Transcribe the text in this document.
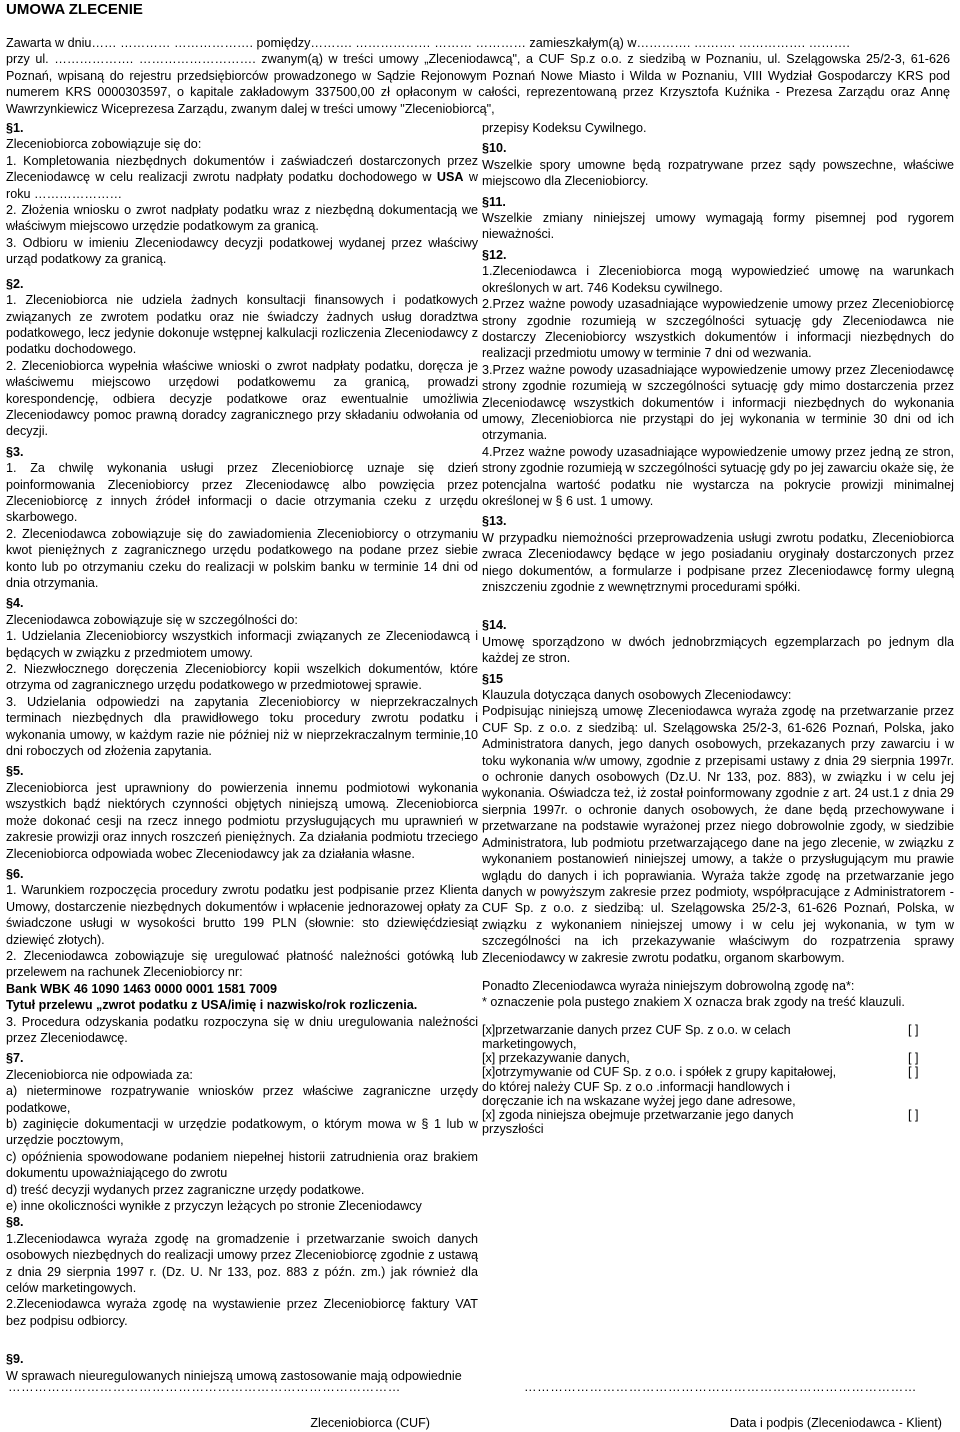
UMOWA ZLECENIE

Zawarta w dniu…… ………… ………………. pomiędzy………. ……………… ……… ………… zamieszkałym(ą) w…………. ………. ……………. ……….

przy ul. ………………. ………………………. zwanym(ą) w treści umowy „Zleceniodawcą", a CUF Sp.z o.o. z siedzibą w Poznaniu, ul. Szelągowska 25/2-3, 61-626 Poznań, wpisaną do rejestru przedsiębiorców prowadzonego w Sądzie Rejonowym Poznań Nowe Miasto i Wilda w Poznaniu, VIII Wydział Gospodarczy KRS pod numerem KRS 0000303597, o kapitale zakładowym 337500,00 zł opłaconym w całości, reprezentowaną przez Krzysztofa Kuźnika - Prezesa Zarządu oraz Annę Wawrzynkiewicz Wiceprezesa Zarządu, zwanym dalej w treści umowy "Zleceniobiorcą",

§1.

Zleceniobiorca zobowiązuje się do:

1. Kompletowania niezbędnych dokumentów i zaświadczeń dostarczonych przez Zleceniodawcę w celu realizacji zwrotu nadpłaty podatku dochodowego w USA w roku …………………

2. Złożenia wniosku o zwrot nadpłaty podatku wraz z niezbędną dokumentacją we właściwym miejscowo urzędzie podatkowym za granicą.

3. Odbioru w imieniu Zleceniodawcy decyzji podatkowej wydanej przez właściwy urząd podatkowy za granicą.

§2.

1. Zleceniobiorca nie udziela żadnych konsultacji finansowych i podatkowych związanych ze zwrotem podatku oraz nie świadczy żadnych usług doradztwa podatkowego, lecz jedynie dokonuje wstępnej kalkulacji rozliczenia Zleceniodawcy z podatku dochodowego.

2. Zleceniobiorca wypełnia właściwe wnioski o zwrot nadpłaty podatku, doręcza je właściwemu miejscowo urzędowi podatkowemu za granicą, prowadzi korespondencję, odbiera decyzje podatkowe oraz ewentualnie umożliwia Zleceniodawcy pomoc prawną doradcy zagranicznego przy składaniu odwołania od decyzji.

§3.

1. Za chwilę wykonania usługi przez Zleceniobiorcę uznaje się dzień poinformowania Zleceniobiorcy przez Zleceniodawcę albo powzięcia przez Zleceniobiorcę z innych źródeł informacji o dacie otrzymania czeku z urzędu skarbowego.

2. Zleceniodawca zobowiązuje się do zawiadomienia Zleceniobiorcy o otrzymaniu kwot pieniężnych z zagranicznego urzędu podatkowego na podane przez siebie konto lub po otrzymaniu czeku do realizacji w polskim banku w terminie 14 dni od dnia otrzymania.

§4.

Zleceniodawca zobowiązuje się w szczególności do:

1. Udzielania Zleceniobiorcy wszystkich informacji związanych ze Zleceniodawcą i będących w związku z przedmiotem umowy.

2. Niezwłocznego doręczenia Zleceniobiorcy kopii wszelkich dokumentów, które otrzyma od zagranicznego urzędu podatkowego w przedmiotowej sprawie.

3. Udzielania odpowiedzi na zapytania Zleceniobiorcy w nieprzekraczalnych terminach niezbędnych dla prawidłowego toku procedury zwrotu podatku i wykonania umowy, w każdym razie nie później niż w nieprzekraczalnym terminie,10 dni roboczych od złożenia zapytania.

§5.

Zleceniobiorca jest uprawniony do powierzenia innemu podmiotowi wykonania wszystkich bądź niektórych czynności objętych niniejszą umową. Zleceniobiorca może dokonać cesji na rzecz innego podmiotu przysługujących mu uprawnień w zakresie prowizji oraz innych roszczeń pieniężnych. Za działania podmiotu trzeciego Zleceniobiorca odpowiada wobec Zleceniodawcy jak za działania własne.

§6.

1. Warunkiem rozpoczęcia procedury zwrotu podatku jest podpisanie przez Klienta Umowy, dostarczenie niezbędnych dokumentów i wpłacenie jednorazowej opłaty za świadczone usługi w wysokości brutto 199 PLN (słownie: sto dziewięćdziesiąt dziewięć złotych).

2. Zleceniodawca zobowiązuje się uregulować płatność należności gotówką lub przelewem na rachunek Zleceniobiorcy nr:

Bank WBK 46 1090 1463 0000 0001 1581 7009

Tytuł przelewu „zwrot podatku z USA/imię i nazwisko/rok rozliczenia.

3. Procedura odzyskania podatku rozpoczyna się w dniu uregulowania należności przez Zleceniodawcę.

§7.

Zleceniobiorca nie odpowiada za:

a) nieterminowe rozpatrywanie wniosków przez właściwe zagraniczne urzędy podatkowe,

b) zaginięcie dokumentacji w urzędzie podatkowym, o którym mowa w § 1 lub w urzędzie pocztowym,

c) opóźnienia spowodowane podaniem niepełnej historii zatrudnienia oraz brakiem dokumentu upoważniającego do zwrotu

d) treść decyzji wydanych przez zagraniczne urzędy podatkowe.

e) inne okoliczności wynikłe z przyczyn leżących po stronie Zleceniodawcy

§8.

1.Zleceniodawca wyraża zgodę na gromadzenie i przetwarzanie swoich danych osobowych niezbędnych do realizacji umowy przez Zleceniobiorcę zgodnie z ustawą z dnia 29 sierpnia 1997 r. (Dz. U. Nr 133, poz. 883 z późn. zm.) jak również dla celów marketingowych.

2.Zleceniodawca wyraża zgodę na wystawienie przez Zleceniobiorcę faktury VAT bez podpisu odbiorcy.

§9.

W sprawach nieuregulowanych niniejszą umową zastosowanie mają odpowiednie

przepisy Kodeksu Cywilnego.

§10.

Wszelkie spory umowne będą rozpatrywane przez sądy powszechne, właściwe miejscowo dla Zleceniobiorcy.

§11.

Wszelkie zmiany niniejszej umowy wymagają formy pisemnej pod rygorem nieważności.

§12.

1.Zleceniodawca i Zleceniobiorca mogą wypowiedzieć umowę na warunkach określonych w art. 746 Kodeksu cywilnego.

2.Przez ważne powody uzasadniające wypowiedzenie umowy przez Zleceniobiorcę strony zgodnie rozumieją w szczególności sytuację gdy Zleceniodawca nie dostarczy Zleceniobiorcy wszystkich dokumentów i informacji niezbędnych do realizacji przedmiotu umowy w terminie 7 dni od wezwania.

3.Przez ważne powody uzasadniające wypowiedzenie umowy przez Zleceniodawcę strony zgodnie rozumieją w szczególności sytuację gdy mimo dostarczenia przez Zleceniodawcę wszystkich dokumentów i informacji niezbędnych do wykonania umowy, Zleceniobiorca nie przystąpi do jej wykonania w terminie 30 dni od ich otrzymania.

4.Przez ważne powody uzasadniające wypowiedzenie umowy przez jedną ze stron, strony zgodnie rozumieją w szczególności sytuację gdy po jej zawarciu okaże się, że potencjalna wartość podatku nie wystarcza na pokrycie prowizji minimalnej określonej w § 6 ust. 1 umowy.

§13.

W przypadku niemożności przeprowadzenia usługi zwrotu podatku, Zleceniobiorca zwraca Zleceniodawcy będące w jego posiadaniu oryginały dostarczonych przez niego dokumentów, a formularze i podpisane przez Zleceniodawcę formy ulegną zniszczeniu zgodnie z wewnętrznymi procedurami spółki.

§14.

Umowę sporządzono w dwóch jednobrzmiących egzemplarzach po jednym dla każdej ze stron.

§15

Klauzula dotycząca danych osobowych Zleceniodawcy:

Podpisując niniejszą umowę Zleceniodawca wyraża zgodę na przetwarzanie przez CUF Sp. z o.o. z siedzibą: ul. Szelągowska 25/2-3, 61-626 Poznań, Polska, jako Administratora danych, jego danych osobowych, przekazanych przy zawarciu i w toku wykonania w/w umowy, zgodnie z przepisami ustawy z dnia 29 sierpnia 1997r. o ochronie danych osobowych (Dz.U. Nr 133, poz. 883), w związku i w celu jej wykonania. Oświadcza też, iż został poinformowany zgodnie z art. 24 ust.1 z dnia 29 sierpnia 1997r. o ochronie danych osobowych, że dane będą przechowywane i przetwarzane na podstawie wyrażonej przez niego dobrowolnie zgody, w siedzibie Administratora, lub podmiotu przetwarzającego dane na jego zlecenie, w związku z wykonaniem postanowień niniejszej umowy, a także o przysługującym mu prawie wglądu do danych i ich poprawiania. Wyraża także zgodę na przetwarzanie jego danych w powyższym zakresie przez podmioty, współpracujące z Administratorem - CUF Sp. z o.o. z siedzibą: ul. Szelągowska 25/2-3, 61-626 Poznań, Polska, w związku z wykonaniem niniejszej umowy i w celu jej wykonania, w tym w szczególności na ich przekazywanie właściwym do rozpatrzenia sprawy Zleceniodawcy w zakresie zwrotu podatku, organom skarbowym.

Ponadto Zleceniodawca wyraża niniejszym dobrowolną zgodę na*:

* oznaczenie pola pustego znakiem X oznacza brak zgody na treść klauzuli.

[x]przetwarzanie danych przez CUF Sp. z o.o. w celach marketingowych,
[ ]
[x] przekazywanie danych,	[ ]
[x]otrzymywanie od CUF Sp. z o.o. i spółek z grupy kapitałowej, do której należy CUF Sp. z o.o .informacji handlowych i doręczanie ich na wskazane wyżej jego dane adresowe,
[ ]
[x] zgoda niniejsza obejmuje przetwarzanie jego danych przyszłości
[ ]
………………………………………………………………………………
Zleceniobiorca (CUF)
………………………………………………………………………………
Data i podpis (Zleceniodawca - Klient)
